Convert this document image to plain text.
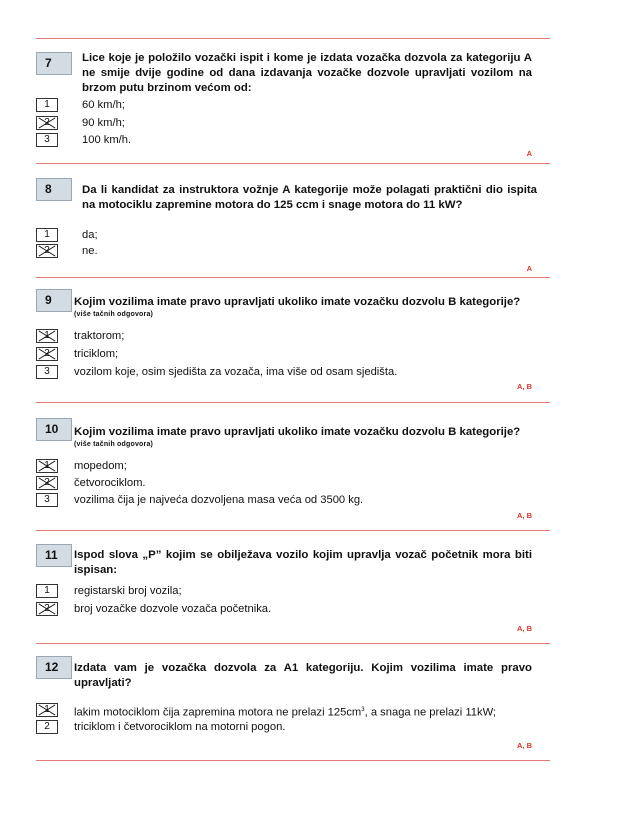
7	Lice koje je položilo vozački ispit i kome je izdata vozačka dozvola za kategoriju A ne smije dvije godine od dana izdavanja vozačke dozvole upravljati vozilom na brzom putu brzinom većom od:
1	60 km/h;
2	90 km/h;
3	100 km/h.
A
8	Da li kandidat za instruktora vožnje A kategorije može polagati praktični dio ispita na motociklu zapremine motora do 125 ccm i snage motora do 11 kW?
1	da;
2	ne.
A
9	Kojim vozilima imate pravo upravljati ukoliko imate vozačku dozvolu B kategorije?
(više tačnih odgovora)
1	traktorom;
2	triciklom;
3	vozilom koje, osim sjedišta za vozača, ima više od osam sjedišta.
A, B
10	Kojim vozilima imate pravo upravljati ukoliko imate vozačku dozvolu B kategorije?
(više tačnih odgovora)
1	mopedom;
2	četvorociklom.
3	vozilima čija je najveća dozvoljena masa veća od 3500 kg.
A, B
11	Ispod slova „P” kojim se obilježava vozilo kojim upravlja vozač početnik mora biti ispisan:
1	registarski broj vozila;
2	broj vozačke dozvole vozača početnika.
A, B
12	Izdata vam je vozačka dozvola za A1 kategoriju. Kojim vozilima imate pravo upravljati?
1	lakim motociklom čija zapremina motora ne prelazi $125cm^3$, a snaga ne prelazi 11kW;
2	triciklom i četvorociklom na motorni pogon.
A, B
